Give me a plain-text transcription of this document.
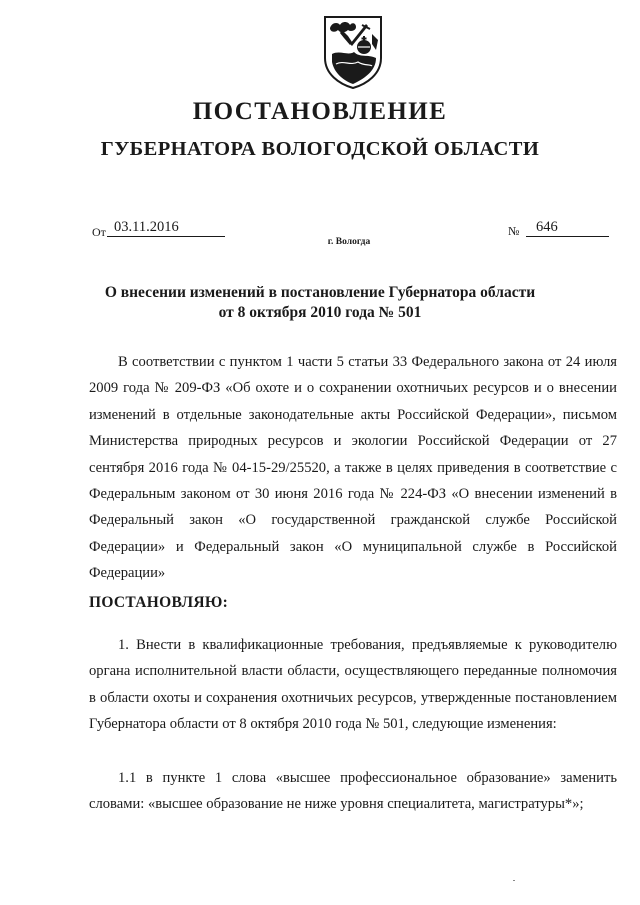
ПОСТАНОВЛЕНИЕ
ГУБЕРНАТОРА ВОЛОГОДСКОЙ ОБЛАСТИ
От 03.11.2016	№	646
г. Вологда
О внесении изменений в постановление Губернатора области
от 8 октября 2010 года № 501
В соответствии с пунктом 1 части 5 статьи 33 Федерального закона от 24 июля 2009 года № 209-ФЗ «Об охоте и о сохранении охотничьих ресурсов и о внесении изменений в отдельные законодательные акты Российской Федерации», письмом Министерства природных ресурсов и экологии Российской Федерации от 27 сентября 2016 года № 04-15-29/25520, а также в целях приведения в соответствие с Федеральным законом от 30 июня 2016 года № 224-ФЗ «О внесении изменений в Федеральный закон «О государственной гражданской службе Российской Федерации» и Федеральный закон «О муниципальной службе в Российской Федерации»
ПОСТАНОВЛЯЮ:
1. Внести в квалификационные требования, предъявляемые к руководителю органа исполнительной власти области, осуществляющего переданные полномочия в области охоты и сохранения охотничьих ресурсов, утвержденные постановлением Губернатора области от 8 октября 2010 года № 501, следующие изменения:
1.1 в пункте 1 слова «высшее профессиональное образование» заменить словами: «высшее образование не ниже уровня специалитета, магистратуры*»;
